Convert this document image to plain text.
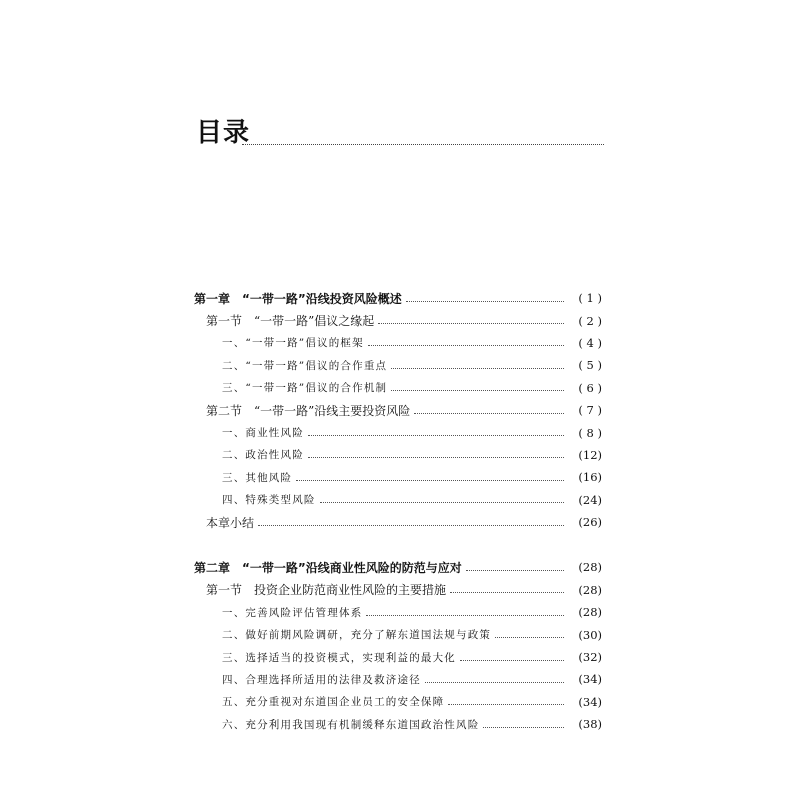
目录
第一章　“一带一路”沿线投资风险概述	( 1 )
第一节　“一带一路”倡议之缘起	( 2 )
一、“一带一路”倡议的框架	( 4 )
二、“一带一路”倡议的合作重点	( 5 )
三、“一带一路”倡议的合作机制	( 6 )
第二节　“一带一路”沿线主要投资风险	( 7 )
一、商业性风险	( 8 )
二、政治性风险	(12)
三、其他风险	(16)
四、特殊类型风险	(24)
本章小结	(26)
第二章　“一带一路”沿线商业性风险的防范与应对	(28)
第一节　投资企业防范商业性风险的主要措施	(28)
一、完善风险评估管理体系	(28)
二、做好前期风险调研，充分了解东道国法规与政策	(30)
三、选择适当的投资模式，实现利益的最大化	(32)
四、合理选择所适用的法律及救济途径	(34)
五、充分重视对东道国企业员工的安全保障	(34)
六、充分利用我国现有机制缓释东道国政治性风险	(38)
